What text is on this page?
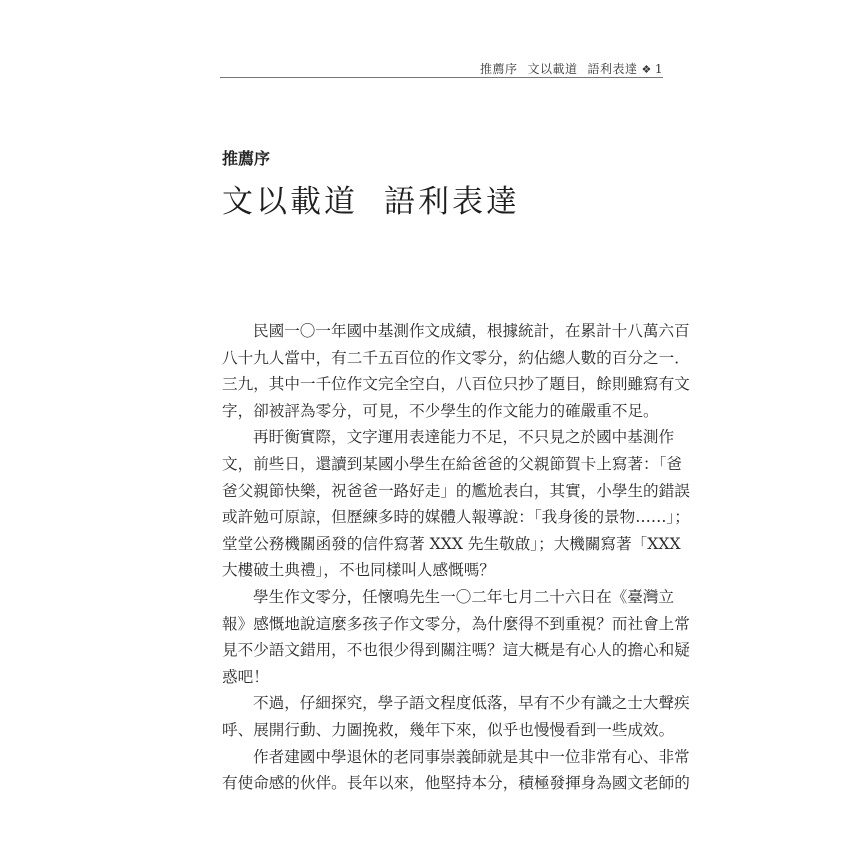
推薦序 文以載道 語利表達 ❖ 1
推薦序
文以載道 語利表達
民國一〇一年國中基測作文成績，根據統計，在累計十八萬六百
八十九人當中，有二千五百位的作文零分，約佔總人數的百分之一．
三九，其中一千位作文完全空白，八百位只抄了題目，餘則雖寫有文
字，卻被評為零分，可見，不少學生的作文能力的確嚴重不足。
再盱衡實際，文字運用表達能力不足，不只見之於國中基測作
文，前些日，還讀到某國小學生在給爸爸的父親節賀卡上寫著：「爸
爸父親節快樂，祝爸爸一路好走」的尷尬表白，其實，小學生的錯誤
或許勉可原諒，但歷練多時的媒體人報導說：「我身後的景物……」；
堂堂公務機關函發的信件寫著 XXX 先生敬啟」；大機關寫著「XXX
大樓破土典禮」，不也同樣叫人感慨嗎？
學生作文零分，任懷鳴先生一〇二年七月二十六日在《臺灣立
報》感慨地說這麼多孩子作文零分，為什麼得不到重視？而社會上常
見不少語文錯用，不也很少得到關注嗎？這大概是有心人的擔心和疑
惑吧！
不過，仔細探究，學子語文程度低落，早有不少有識之士大聲疾
呼、展開行動、力圖挽救，幾年下來，似乎也慢慢看到一些成效。
作者建國中學退休的老同事崇義師就是其中一位非常有心、非常
有使命感的伙伴。長年以來，他堅持本分，積極發揮身為國文老師的
